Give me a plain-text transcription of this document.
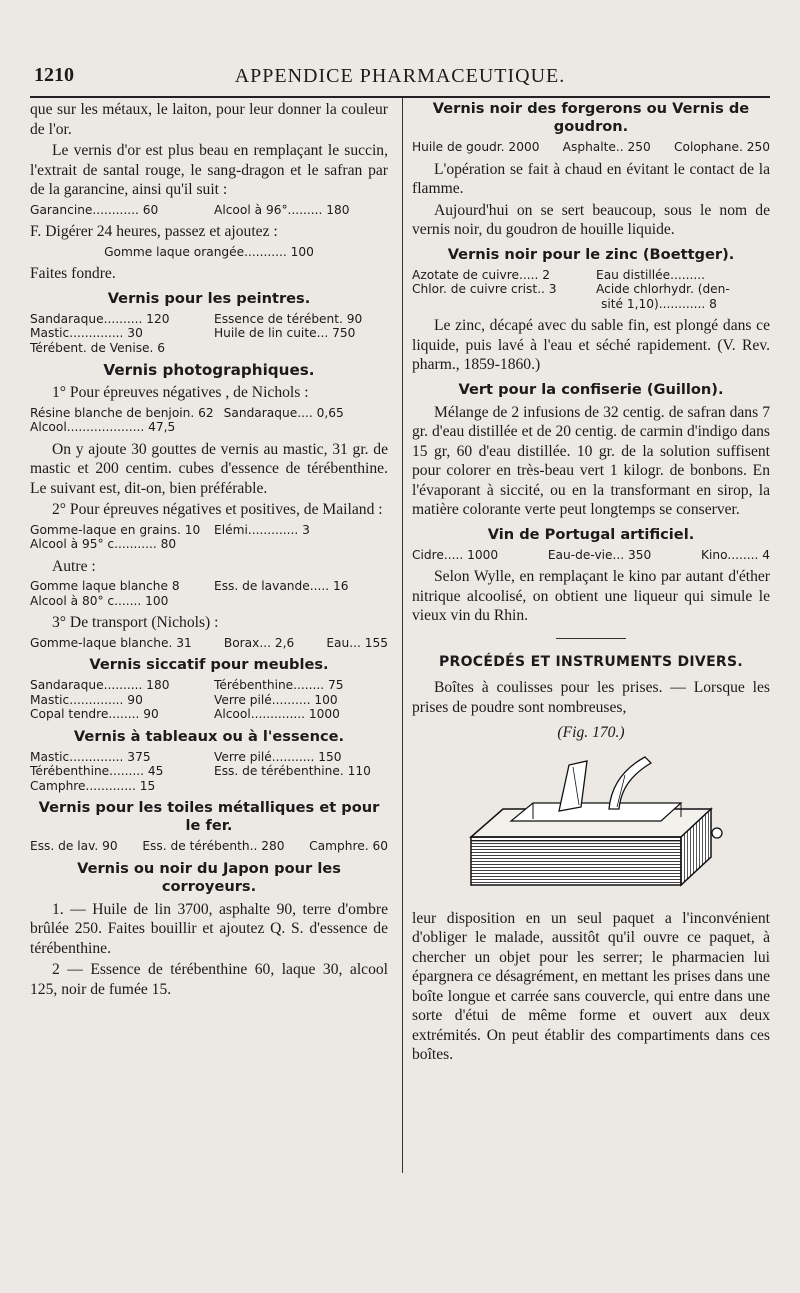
1210	APPENDICE PHARMACEUTIQUE.

que sur les métaux, le laiton, pour leur donner la couleur de l'or.

Le vernis d'or est plus beau en remplaçant le succin, l'extrait de santal rouge, le sang-dragon et le safran par de la garancine, ainsi qu'il suit :

Garancine............ 60	Alcool à 96°......... 180

F. Digérer 24 heures, passez et ajoutez :

Gomme laque orangée........... 100

Faites fondre.

Vernis pour les peintres.
Sandaraque.......... 120	Essence de térébent. 90
Mastic.............. 30	Huile de lin cuite... 750
Térébent. de Venise. 6
Vernis photographiques.

1° Pour épreuves négatives , de Nichols :

Résine blanche de benjoin. 62 Sandaraque.... 0,65
Alcool.................... 47,5

On y ajoute 30 gouttes de vernis au mastic, 31 gr. de mastic et 200 centim. cubes d'essence de térébenthine. Le suivant est, dit-on, bien préférable.

2° Pour épreuves négatives et positives, de Mailand :

Gomme-laque en grains. 10	Elémi............. 3
Alcool à 95° c........... 80

Autre :

Gomme laque blanche 8	Ess. de lavande..... 16
Alcool à 80° c....... 100

3° De transport (Nichols) :

Gomme-laque blanche. 31	Borax... 2,6	Eau... 155
Vernis siccatif pour meubles.
Sandaraque.......... 180	Térébenthine........ 75
Mastic.............. 90	Verre pilé.......... 100
Copal tendre........ 90	Alcool.............. 1000
Vernis à tableaux ou à l'essence.
Mastic.............. 375	Verre pilé........... 150
Térébenthine......... 45	Ess. de térébenthine. 110
Camphre............. 15
Vernis pour les toiles métalliques et pour le fer.
Ess. de lav. 90 Ess. de térébenth.. 280 Camphre. 60
Vernis ou noir du Japon pour les corroyeurs.

1. — Huile de lin 3700, asphalte 90, terre d'ombre brûlée 250. Faites bouillir et ajoutez Q. S. d'essence de térébenthine.

2 — Essence de térébenthine 60, laque 30, alcool 125, noir de fumée 15.

Vernis noir des forgerons ou Vernis de goudron.
Huile de goudr. 2000 Asphalte.. 250 Colophane. 250

L'opération se fait à chaud en évitant le contact de la flamme.

Aujourd'hui on se sert beaucoup, sous le nom de vernis noir, du goudron de houille liquide.

Vernis noir pour le zinc (Boettger).
Azotate de cuivre..... 2	Eau distillée.........
Chlor. de cuivre crist.. 3	Acide chlorhydr. (den-
sité 1,10)............ 8

Le zinc, décapé avec du sable fin, est plongé dans ce liquide, puis lavé à l'eau et séché rapidement. (V. Rev. pharm., 1859-1860.)

Vert pour la confiserie (Guillon).

Mélange de 2 infusions de 32 centig. de safran dans 7 gr. d'eau distillée et de 20 centig. de carmin d'indigo dans 15 gr, 60 d'eau distillée. 10 gr. de la solution suffisent pour colorer en très-beau vert 1 kilogr. de bonbons. En l'évaporant à siccité, ou en la transformant en sirop, la matière colorante verte peut longtemps se conserver.

Vin de Portugal artificiel.
Cidre..... 1000	Eau-de-vie... 350	Kino........ 4

Selon Wylle, en remplaçant le kino par autant d'éther nitrique alcoolisé, on obtient une liqueur qui simule le vieux vin du Rhin.

PROCÉDÉS ET INSTRUMENTS DIVERS.

Boîtes à coulisses pour les prises. — Lorsque les prises de poudre sont nombreuses,

(Fig. 170.)

leur disposition en un seul paquet a l'inconvénient d'obliger le malade, aussitôt qu'il ouvre ce paquet, à chercher un objet pour les serrer; le pharmacien lui épargnera ce désagrément, en mettant les prises dans une boîte longue et carrée sans couvercle, qui entre dans une sorte d'étui de même forme et ouvert aux deux extrémités. On peut établir des compartiments dans ces boîtes.
